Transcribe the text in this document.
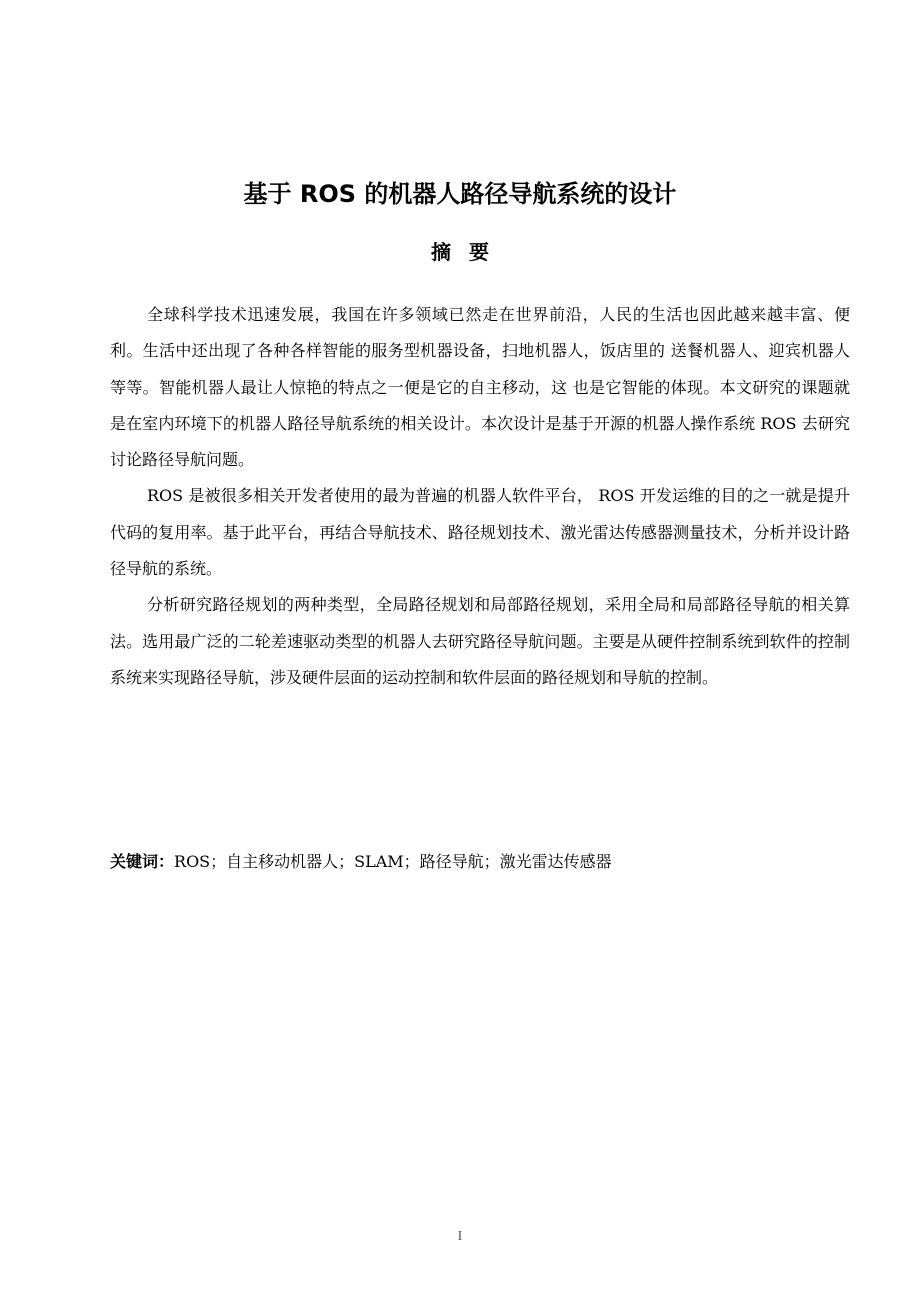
基于 ROS 的机器人路径导航系统的设计
摘要

全球科学技术迅速发展，我国在许多领域已然走在世界前沿，人民的生活也因此越来越丰富、便利。生活中还出现了各种各样智能的服务型机器设备，扫地机器人，饭店里的 送餐机器人、迎宾机器人等等。智能机器人最让人惊艳的特点之一便是它的自主移动，这 也是它智能的体现。本文研究的课题就是在室内环境下的机器人路径导航系统的相关设计。本次设计是基于开源的机器人操作系统 ROS 去研究讨论路径导航问题。

ROS 是被很多相关开发者使用的最为普遍的机器人软件平台， ROS 开发运维的目的之一就是提升代码的复用率。基于此平台，再结合导航技术、路径规划技术、激光雷达传感器测量技术，分析并设计路径导航的系统。

分析研究路径规划的两种类型，全局路径规划和局部路径规划，采用全局和局部路径导航的相关算法。选用最广泛的二轮差速驱动类型的机器人去研究路径导航问题。主要是从硬件控制系统到软件的控制系统来实现路径导航，涉及硬件层面的运动控制和软件层面的路径规划和导航的控制。

关键词：ROS；自主移动机器人；SLAM；路径导航；激光雷达传感器
I
